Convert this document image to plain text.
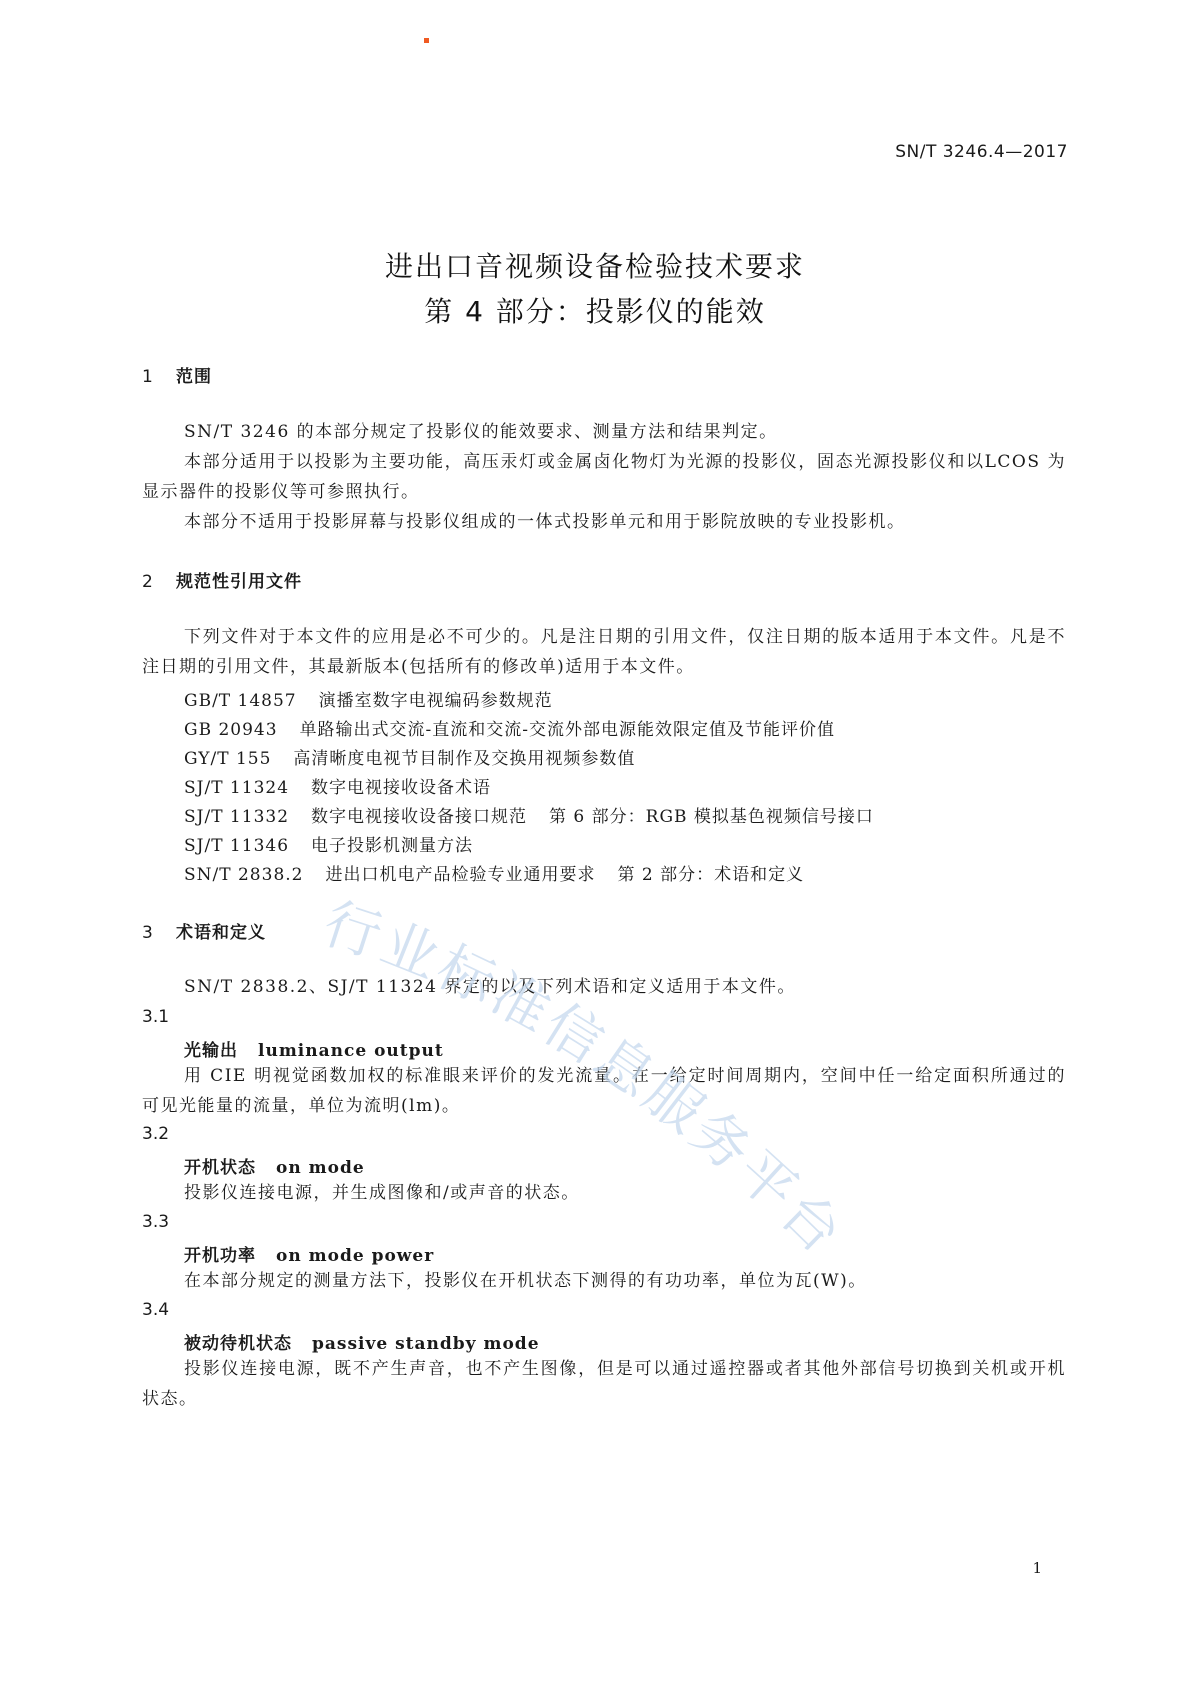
SN/T 3246.4—2017
进出口音视频设备检验技术要求
第 4 部分：投影仪的能效
1 范围
SN/T 3246 的本部分规定了投影仪的能效要求、测量方法和结果判定。
本部分适用于以投影为主要功能，高压汞灯或金属卤化物灯为光源的投影仪，固态光源投影仪和以LCOS 为显示器件的投影仪等可参照执行。
本部分不适用于投影屏幕与投影仪组成的一体式投影单元和用于影院放映的专业投影机。
2 规范性引用文件
下列文件对于本文件的应用是必不可少的。凡是注日期的引用文件，仅注日期的版本适用于本文件。凡是不注日期的引用文件，其最新版本(包括所有的修改单)适用于本文件。
GB/T 14857 演播室数字电视编码参数规范
GB 20943 单路输出式交流-直流和交流-交流外部电源能效限定值及节能评价值
GY/T 155 高清晰度电视节目制作及交换用视频参数值
SJ/T 11324 数字电视接收设备术语
SJ/T 11332 数字电视接收设备接口规范 第 6 部分：RGB 模拟基色视频信号接口
SJ/T 11346 电子投影机测量方法
SN/T 2838.2 进出口机电产品检验专业通用要求 第 2 部分：术语和定义
3 术语和定义
SN/T 2838.2、SJ/T 11324 界定的以及下列术语和定义适用于本文件。
3.1
光输出 luminance output
用 CIE 明视觉函数加权的标准眼来评价的发光流量。在一给定时间周期内，空间中任一给定面积所通过的可见光能量的流量，单位为流明(lm)。
3.2
开机状态 on mode
投影仪连接电源，并生成图像和/或声音的状态。
3.3
开机功率 on mode power
在本部分规定的测量方法下，投影仪在开机状态下测得的有功功率，单位为瓦(W)。
3.4
被动待机状态 passive standby mode
投影仪连接电源，既不产生声音，也不产生图像，但是可以通过遥控器或者其他外部信号切换到关机或开机状态。
1
行业标准信息服务平台
